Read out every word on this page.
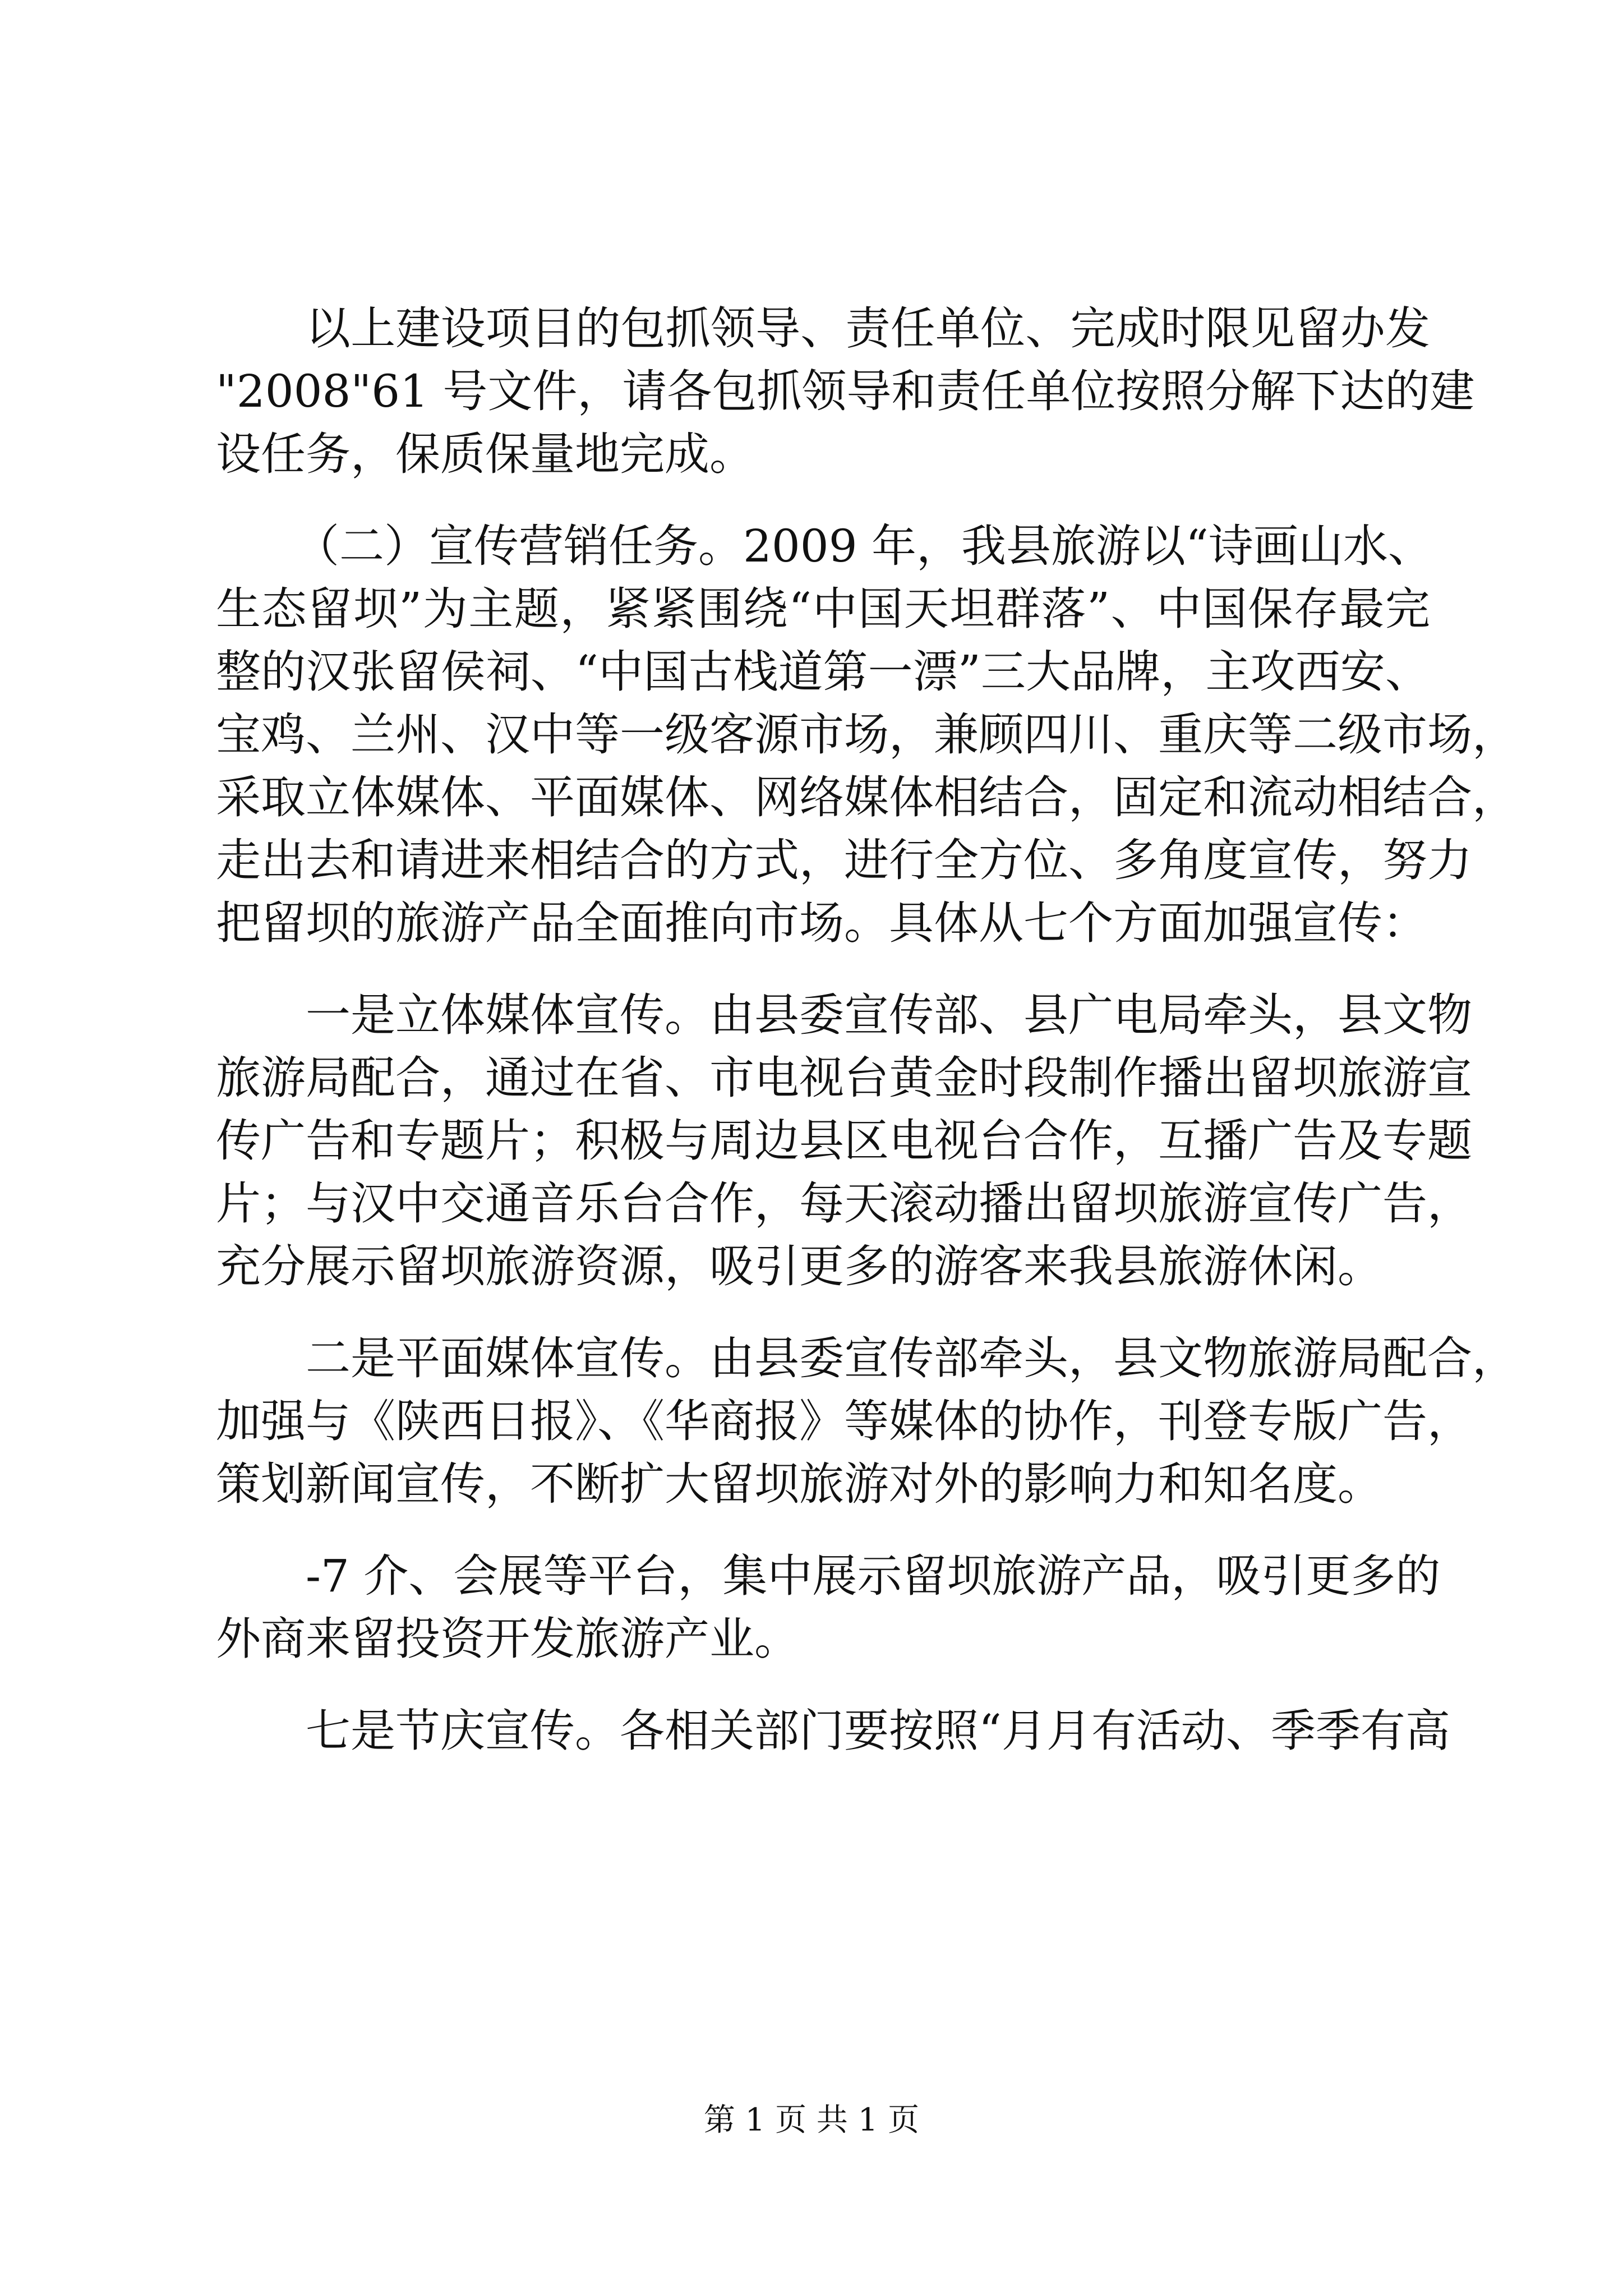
以上建设项目的包抓领导、责任单位、完成时限见留办发
"2008"61 号文件，请各包抓领导和责任单位按照分解下达的建
设任务，保质保量地完成。
（二）宣传营销任务。2009 年，我县旅游以“诗画山水、
生态留坝”为主题，紧紧围绕“中国天坦群落”、中国保存最完
整的汉张留侯祠、“中国古栈道第一漂”三大品牌，主攻西安、
宝鸡、兰州、汉中等一级客源市场，兼顾四川、重庆等二级市场，
采取立体媒体、平面媒体、网络媒体相结合，固定和流动相结合，
走出去和请进来相结合的方式，进行全方位、多角度宣传，努力
把留坝的旅游产品全面推向市场。具体从七个方面加强宣传：
一是立体媒体宣传。由县委宣传部、县广电局牵头，县文物
旅游局配合，通过在省、市电视台黄金时段制作播出留坝旅游宣
传广告和专题片；积极与周边县区电视台合作，互播广告及专题
片；与汉中交通音乐台合作，每天滚动播出留坝旅游宣传广告，
充分展示留坝旅游资源，吸引更多的游客来我县旅游休闲。
二是平面媒体宣传。由县委宣传部牵头，县文物旅游局配合，
加强与《陕西日报》、《华商报》等媒体的协作，刊登专版广告，
策划新闻宣传，不断扩大留坝旅游对外的影响力和知名度。
-7 介、会展等平台，集中展示留坝旅游产品，吸引更多的
外商来留投资开发旅游产业。
七是节庆宣传。各相关部门要按照“月月有活动、季季有高
第 1 页 共 1 页
